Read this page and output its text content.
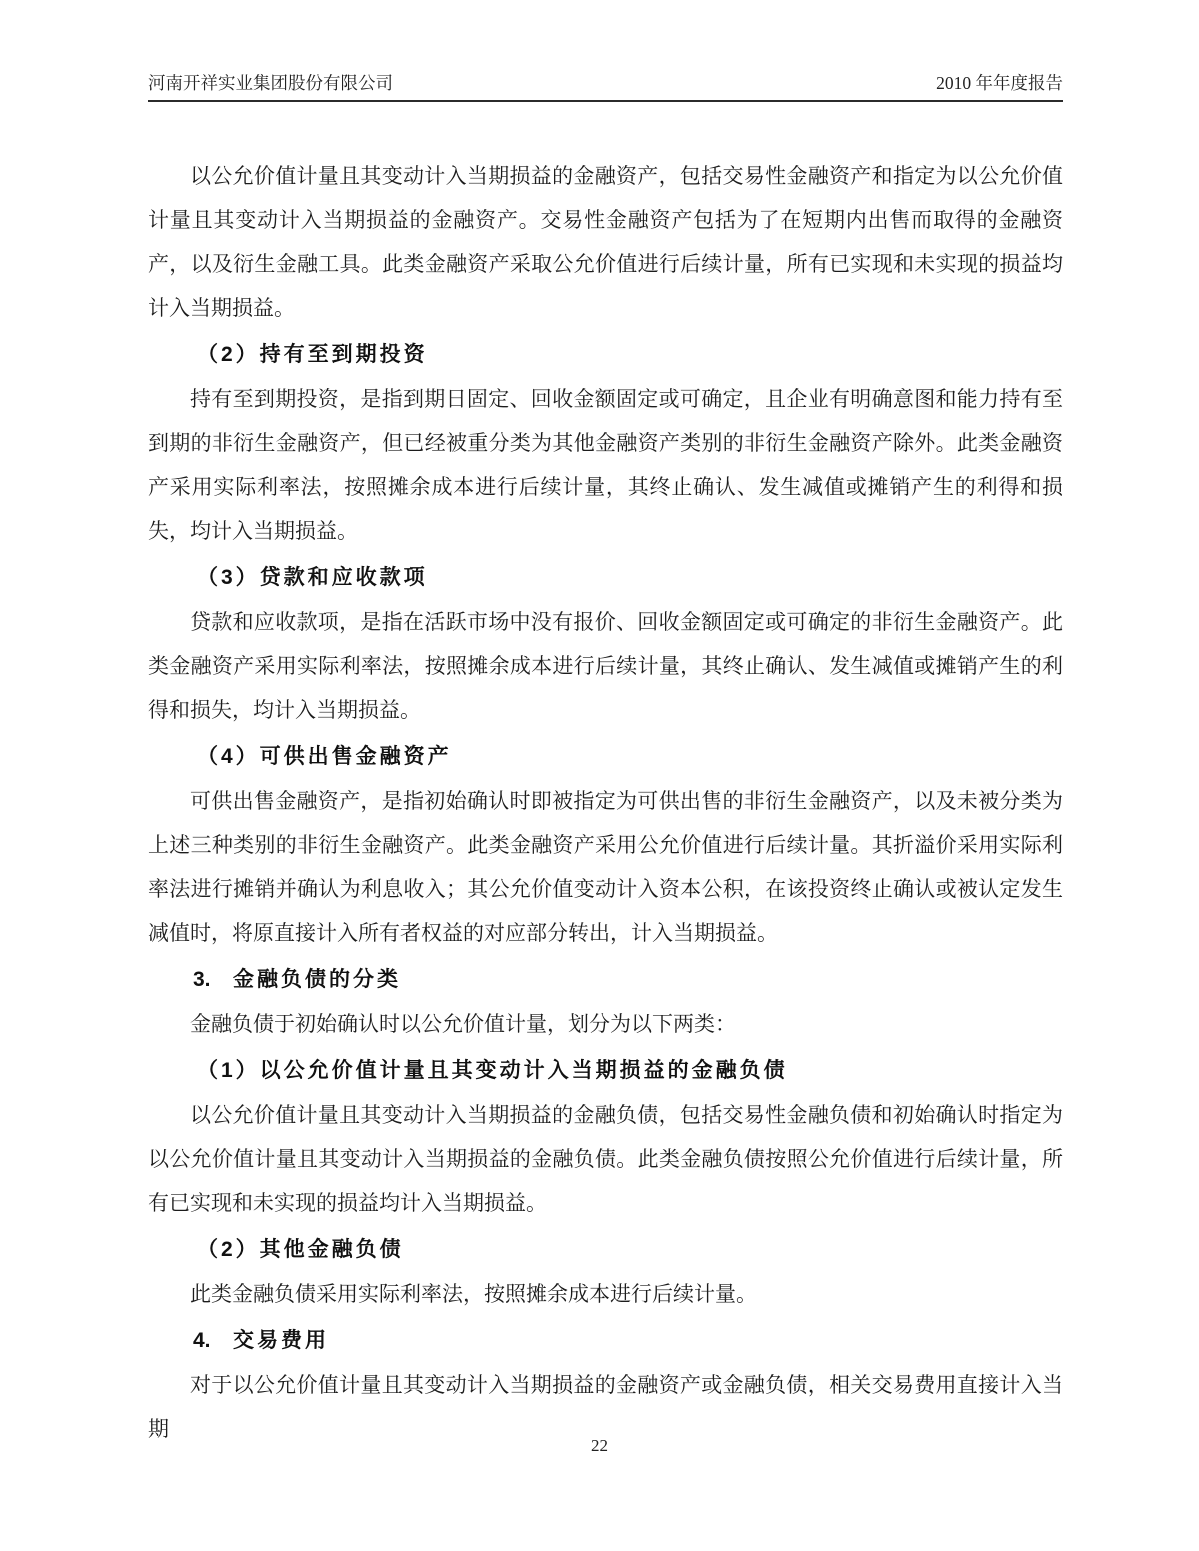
河南开祥实业集团股份有限公司	2010 年年度报告

以公允价值计量且其变动计入当期损益的金融资产，包括交易性金融资产和指定为以公允价值计量且其变动计入当期损益的金融资产。交易性金融资产包括为了在短期内出售而取得的金融资产，以及衍生金融工具。此类金融资产采取公允价值进行后续计量，所有已实现和未实现的损益均计入当期损益。

（2）持有至到期投资

持有至到期投资，是指到期日固定、回收金额固定或可确定，且企业有明确意图和能力持有至到期的非衍生金融资产，但已经被重分类为其他金融资产类别的非衍生金融资产除外。此类金融资产采用实际利率法，按照摊余成本进行后续计量，其终止确认、发生减值或摊销产生的利得和损失，均计入当期损益。

（3）贷款和应收款项

贷款和应收款项，是指在活跃市场中没有报价、回收金额固定或可确定的非衍生金融资产。此类金融资产采用实际利率法，按照摊余成本进行后续计量，其终止确认、发生减值或摊销产生的利得和损失，均计入当期损益。

（4）可供出售金融资产

可供出售金融资产，是指初始确认时即被指定为可供出售的非衍生金融资产，以及未被分类为上述三种类别的非衍生金融资产。此类金融资产采用公允价值进行后续计量。其折溢价采用实际利率法进行摊销并确认为利息收入；其公允价值变动计入资本公积，在该投资终止确认或被认定发生减值时，将原直接计入所有者权益的对应部分转出，计入当期损益。

3. 金融负债的分类

金融负债于初始确认时以公允价值计量，划分为以下两类：

（1）以公允价值计量且其变动计入当期损益的金融负债

以公允价值计量且其变动计入当期损益的金融负债，包括交易性金融负债和初始确认时指定为以公允价值计量且其变动计入当期损益的金融负债。此类金融负债按照公允价值进行后续计量，所有已实现和未实现的损益均计入当期损益。

（2）其他金融负债

此类金融负债采用实际利率法，按照摊余成本进行后续计量。

4. 交易费用

对于以公允价值计量且其变动计入当期损益的金融资产或金融负债，相关交易费用直接计入当期

22
